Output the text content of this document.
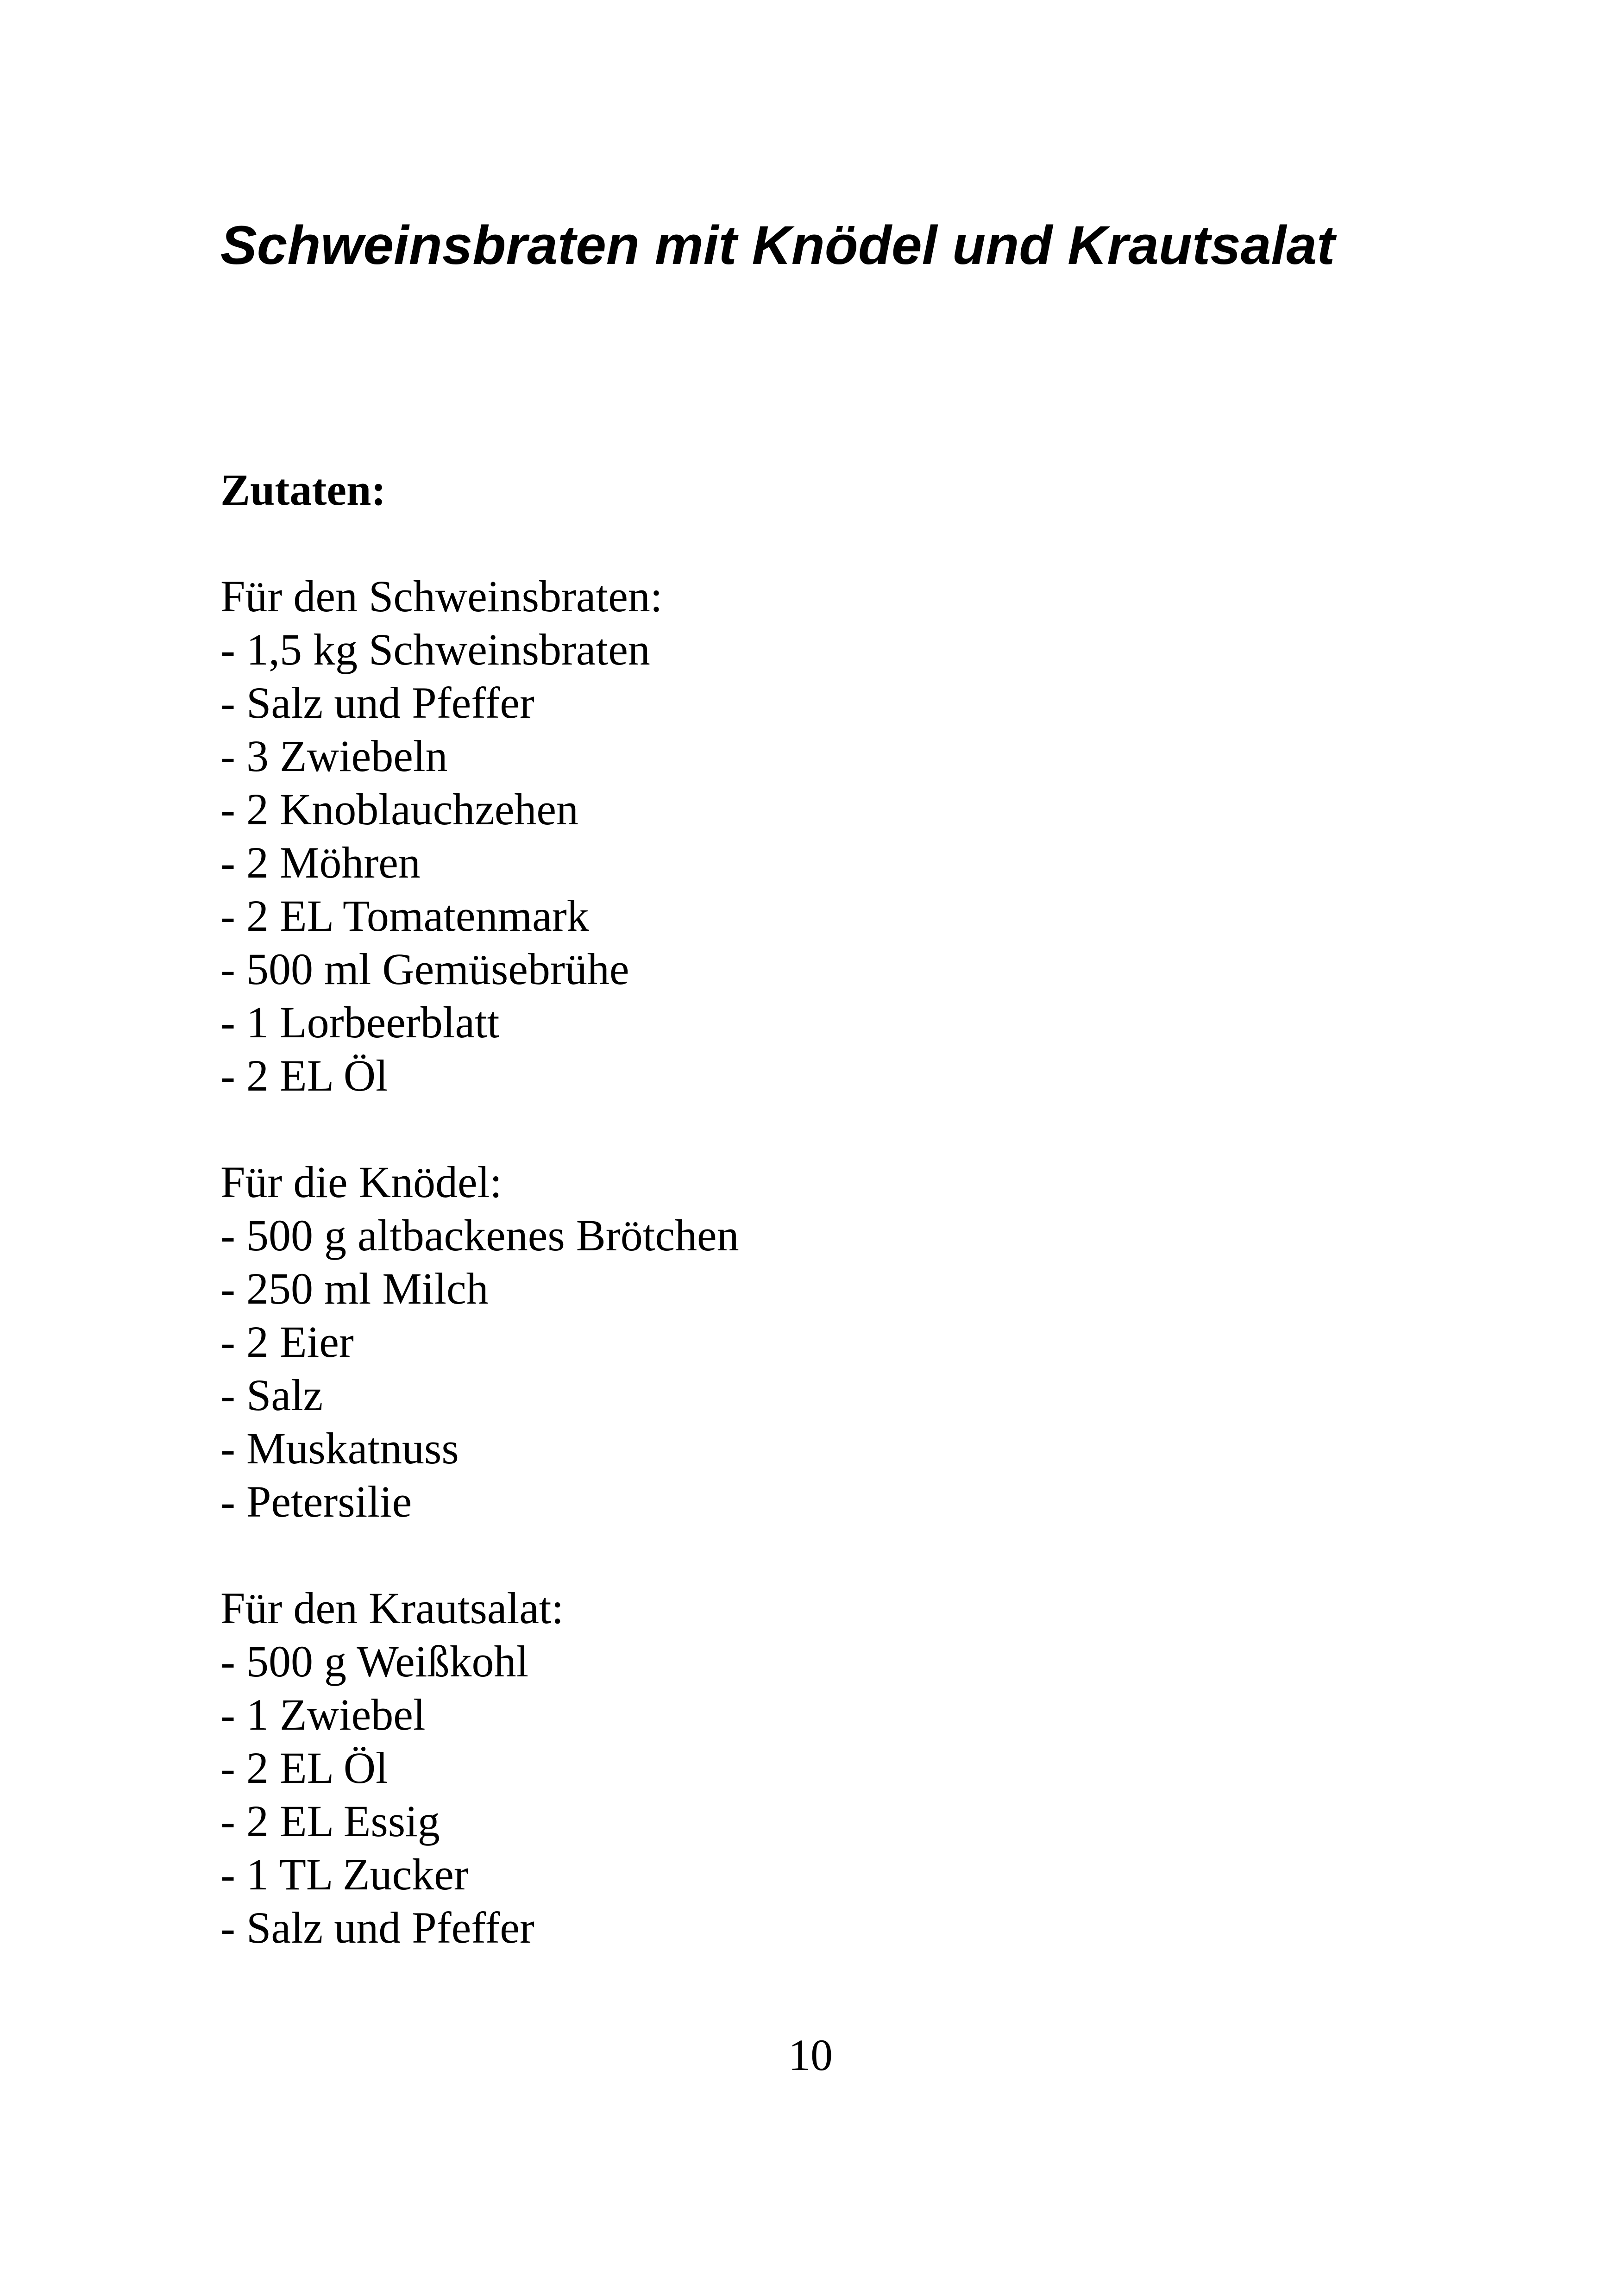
Schweinsbraten mit Knödel und Krautsalat
Zutaten:

Für den Schweinsbraten:

- 1,5 kg Schweinsbraten
- Salz und Pfeffer
- 3 Zwiebeln
- 2 Knoblauchzehen
- 2 Möhren
- 2 EL Tomatenmark
- 500 ml Gemüsebrühe
- 1 Lorbeerblatt
- 2 EL Öl

Für die Knödel:

- 500 g altbackenes Brötchen
- 250 ml Milch
- 2 Eier
- Salz
- Muskatnuss
- Petersilie

Für den Krautsalat:

- 500 g Weißkohl
- 1 Zwiebel
- 2 EL Öl
- 2 EL Essig
- 1 TL Zucker
- Salz und Pfeffer
10
